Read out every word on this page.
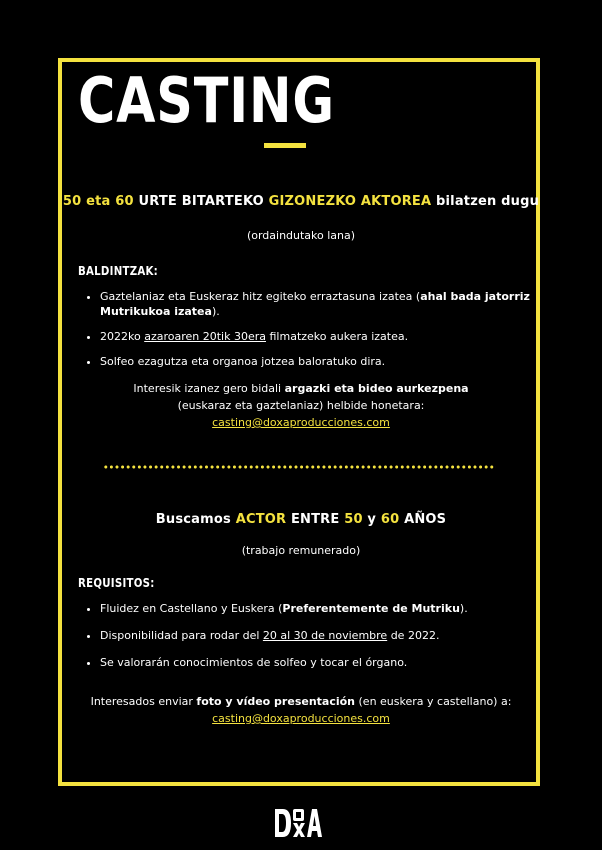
CASTING
50 eta 60 URTE BITARTEKO GIZONEZKO AKTOREA bilatzen dugu
(ordaindutako lana)
BALDINTZAK:
• Gaztelaniaz eta Euskeraz hitz egiteko erraztasuna izatea (ahal bada jatorriz Mutrikukoa izatea).
• 2022ko azaroaren 20tik 30era filmatzeko aukera izatea.
• Solfeo ezagutza eta organoa jotzea baloratuko dira.
Interesik izanez gero bidali argazki eta bideo aurkezpena
(euskaraz eta gaztelaniaz) helbide honetara:
casting@doxaproducciones.com
Buscamos ACTOR ENTRE 50 y 60 AÑOS
(trabajo remunerado)
REQUISITOS:
• Fluidez en Castellano y Euskera (Preferentemente de Mutriku).
• Disponibilidad para rodar del 20 al 30 de noviembre de 2022.
• Se valorarán conocimientos de solfeo y tocar el órgano.
Interesados enviar foto y vídeo presentación (en euskera y castellano) a:
casting@doxaproducciones.com
